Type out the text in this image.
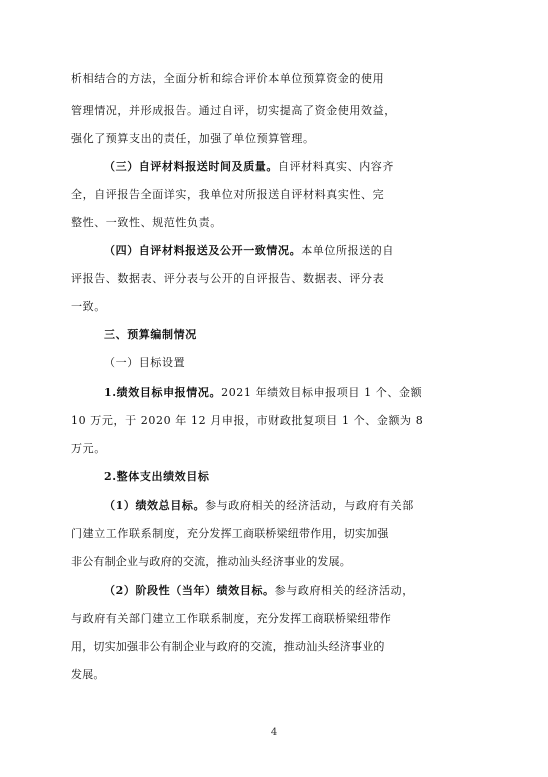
析相结合的方法，全面分析和综合评价本单位预算资金的使用
管理情况，并形成报告。通过自评，切实提高了资金使用效益，
强化了预算支出的责任，加强了单位预算管理。
（三）自评材料报送时间及质量。自评材料真实、内容齐
全，自评报告全面详实，我单位对所报送自评材料真实性、完
整性、一致性、规范性负责。
（四）自评材料报送及公开一致情况。本单位所报送的自
评报告、数据表、评分表与公开的自评报告、数据表、评分表
一致。
三、预算编制情况
（一）目标设置
1.绩效目标申报情况。2021 年绩效目标申报项目 1 个、金额
10 万元，于 2020 年 12 月申报，市财政批复项目 1 个、金额为 8
万元。
2.整体支出绩效目标
（1）绩效总目标。参与政府相关的经济活动，与政府有关部
门建立工作联系制度，充分发挥工商联桥梁纽带作用，切实加强
非公有制企业与政府的交流，推动汕头经济事业的发展。
（2）阶段性（当年）绩效目标。参与政府相关的经济活动，
与政府有关部门建立工作联系制度，充分发挥工商联桥梁纽带作
用，切实加强非公有制企业与政府的交流，推动汕头经济事业的
发展。
4
